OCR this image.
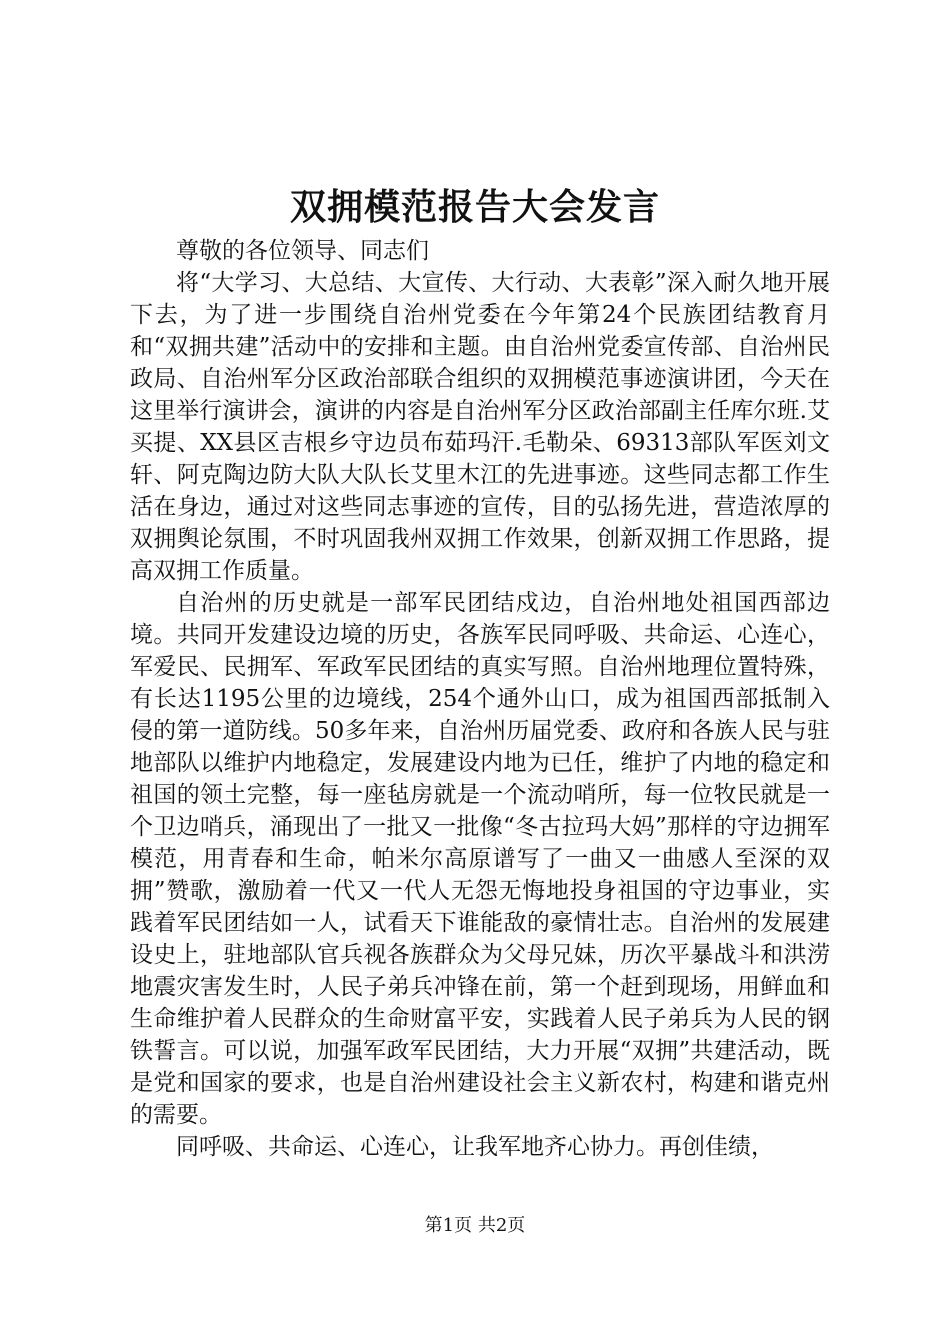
双拥模范报告大会发言

尊敬的各位领导、同志们

将“大学习、大总结、大宣传、大行动、大表彰”深入耐久地开展下去，为了进一步围绕自治州党委在今年第24个民族团结教育月和“双拥共建”活动中的安排和主题。由自治州党委宣传部、自治州民政局、自治州军分区政治部联合组织的双拥模范事迹演讲团，今天在这里举行演讲会，演讲的内容是自治州军分区政治部副主任库尔班.艾买提、XX县区吉根乡守边员布茹玛汗.毛勒朵、69313部队军医刘文轩、阿克陶边防大队大队长艾里木江的先进事迹。这些同志都工作生活在身边，通过对这些同志事迹的宣传，目的弘扬先进，营造浓厚的双拥舆论氛围，不时巩固我州双拥工作效果，创新双拥工作思路，提高双拥工作质量。

自治州的历史就是一部军民团结戍边，自治州地处祖国西部边境。共同开发建设边境的历史，各族军民同呼吸、共命运、心连心，军爱民、民拥军、军政军民团结的真实写照。自治州地理位置特殊，有长达1195公里的边境线，254个通外山口，成为祖国西部抵制入侵的第一道防线。50多年来，自治州历届党委、政府和各族人民与驻地部队以维护内地稳定，发展建设内地为已任，维护了内地的稳定和祖国的领土完整，每一座毡房就是一个流动哨所，每一位牧民就是一个卫边哨兵，涌现出了一批又一批像“冬古拉玛大妈”那样的守边拥军模范，用青春和生命，帕米尔高原谱写了一曲又一曲感人至深的双拥”赞歌，激励着一代又一代人无怨无悔地投身祖国的守边事业，实践着军民团结如一人，试看天下谁能敌的豪情壮志。自治州的发展建设史上，驻地部队官兵视各族群众为父母兄妹，历次平暴战斗和洪涝地震灾害发生时，人民子弟兵冲锋在前，第一个赶到现场，用鲜血和生命维护着人民群众的生命财富平安，实践着人民子弟兵为人民的钢铁誓言。可以说，加强军政军民团结，大力开展“双拥”共建活动，既是党和国家的要求，也是自治州建设社会主义新农村，构建和谐克州的需要。

同呼吸、共命运、心连心，让我军地齐心协力。再创佳绩，

第1页 共2页
